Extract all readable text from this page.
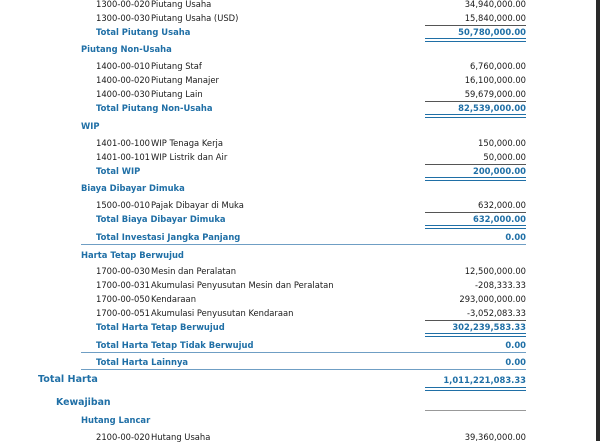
1300-00-020 Piutang Usaha	34,940,000.00
1300-00-030 Piutang Usaha (USD)	15,840,000.00
Total Piutang Usaha	50,780,000.00
Piutang Non-Usaha
1400-00-010 Piutang Staf	6,760,000.00
1400-00-020 Piutang Manajer	16,100,000.00
1400-00-030 Piutang Lain	59,679,000.00
Total Piutang Non-Usaha	82,539,000.00
WIP
1401-00-100 WIP Tenaga Kerja	150,000.00
1401-00-101 WIP Listrik dan Air	50,000.00
Total WIP	200,000.00
Biaya Dibayar Dimuka
1500-00-010 Pajak Dibayar di Muka	632,000.00
Total Biaya Dibayar Dimuka	632,000.00
Total Investasi Jangka Panjang	0.00
Harta Tetap Berwujud
1700-00-030 Mesin dan Peralatan	12,500,000.00
1700-00-031 Akumulasi Penyusutan Mesin dan Peralatan	-208,333.33
1700-00-050 Kendaraan	293,000,000.00
1700-00-051 Akumulasi Penyusutan Kendaraan	-3,052,083.33
Total Harta Tetap Berwujud	302,239,583.33
Total Harta Tetap Tidak Berwujud	0.00
Total Harta Lainnya	0.00
Total Harta	1,011,221,083.33
Kewajiban
Hutang Lancar
2100-00-020 Hutang Usaha	39,360,000.00
